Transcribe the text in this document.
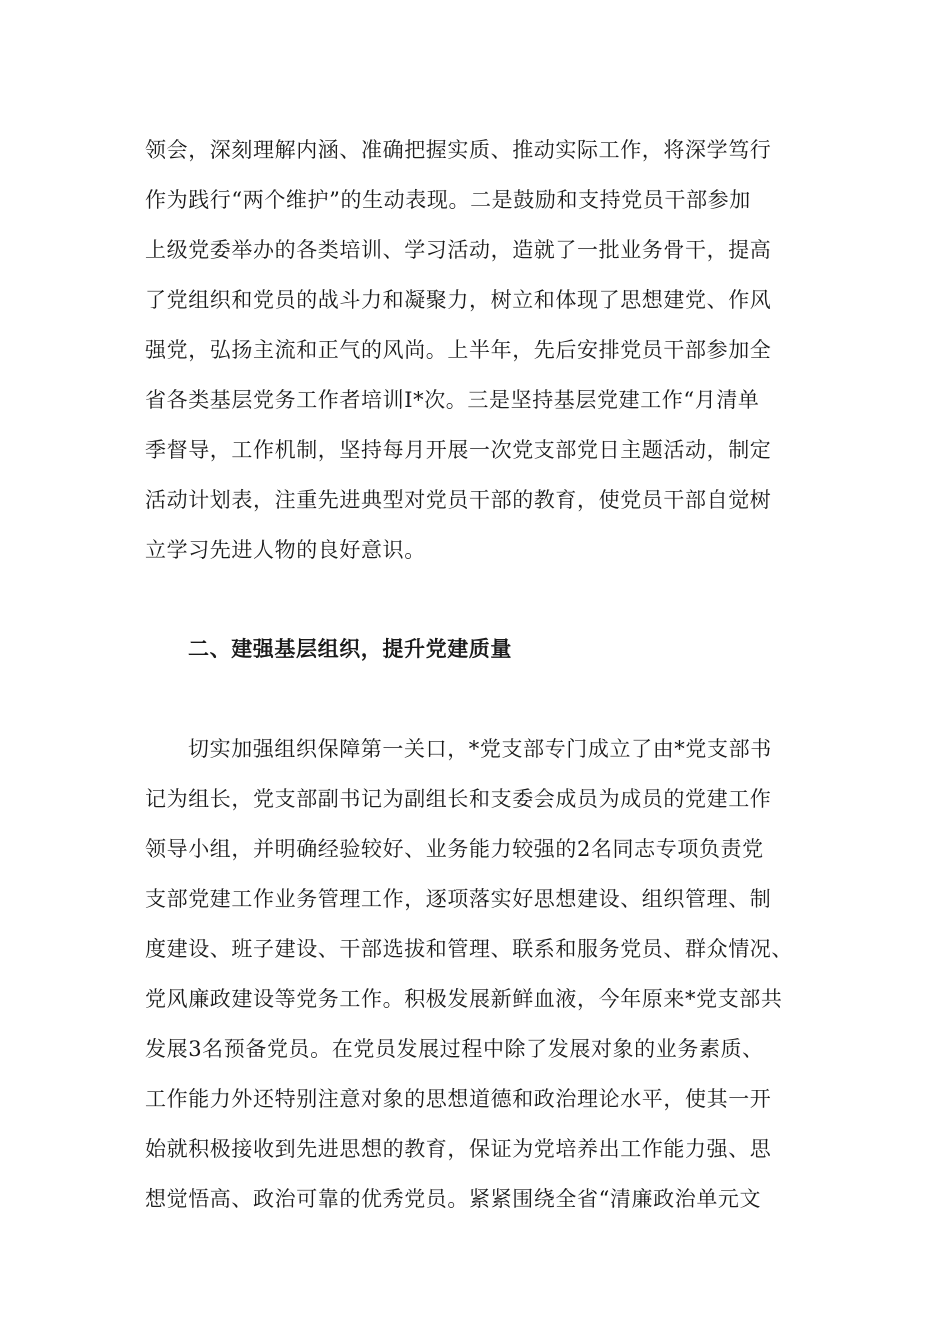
领会，深刻理解内涵、准确把握实质、推动实际工作，将深学笃行
作为践行“两个维护”的生动表现。二是鼓励和支持党员干部参加
上级党委举办的各类培训、学习活动，造就了一批业务骨干，提高
了党组织和党员的战斗力和凝聚力，树立和体现了思想建党、作风
强党，弘扬主流和正气的风尚。上半年，先后安排党员干部参加全
省各类基层党务工作者培训I*次。三是坚持基层党建工作“月清单
季督导，工作机制，坚持每月开展一次党支部党日主题活动，制定
活动计划表，注重先进典型对党员干部的教育，使党员干部自觉树
立学习先进人物的良好意识。
二、建强基层组织，提升党建质量
切实加强组织保障第一关口，*党支部专门成立了由*党支部书
记为组长，党支部副书记为副组长和支委会成员为成员的党建工作
领导小组，并明确经验较好、业务能力较强的2名同志专项负责党
支部党建工作业务管理工作，逐项落实好思想建设、组织管理、制
度建设、班子建设、干部选拔和管理、联系和服务党员、群众情况、
党风廉政建设等党务工作。积极发展新鲜血液，今年原来*党支部共
发展3名预备党员。在党员发展过程中除了发展对象的业务素质、
工作能力外还特别注意对象的思想道德和政治理论水平，使其一开
始就积极接收到先进思想的教育，保证为党培养出工作能力强、思
想觉悟高、政治可靠的优秀党员。紧紧围绕全省“清廉政治单元文
